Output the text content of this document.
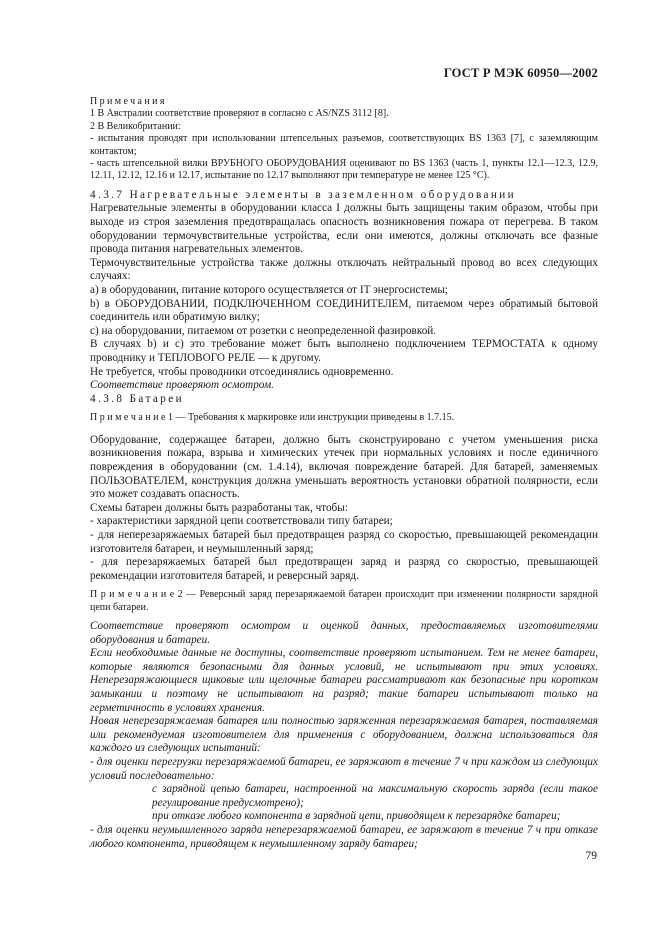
ГОСТ Р МЭК 60950—2002

Примечания

1 В Австралии соответствие проверяют в согласно с AS/NZS 3112 [8].

2 В Великобритании:

- испытания проводят при использовании штепсельных разъемов, соответствующих BS 1363 [7], с заземляющим контактом;

- часть штепсельной вилки ВРУБНОГО ОБОРУДОВАНИЯ оценивают по BS 1363 (часть 1, пункты 12.1—12.3, 12.9, 12.11, 12.12, 12.16 и 12.17, испытание по 12.17 выполняют при температуре не менее 125 °С).

4.3.7 Нагревательные элементы в заземленном оборудовании

Нагревательные элементы в оборудовании класса I должны быть защищены таким образом, чтобы при выходе из строя заземления предотвращалась опасность возникновения пожара от перегрева. В таком оборудовании термочувствительные устройства, если они имеются, должны отключать все фазные провода питания нагревательных элементов.

Термочувствительные устройства также должны отключать нейтральный провод во всех следующих случаях:

а) в оборудовании, питание которого осуществляется от IT энергосистемы;

b) в ОБОРУДОВАНИИ, ПОДКЛЮЧЕННОМ СОЕДИНИТЕЛЕМ, питаемом через обратимый бытовой соединитель или обратимую вилку;

с) на оборудовании, питаемом от розетки с неопределенной фазировкой.

В случаях b) и с) это требование может быть выполнено подключением ТЕРМОСТАТА к одному проводнику и ТЕПЛОВОГО РЕЛЕ — к другому.

Не требуется, чтобы проводники отсоединялись одновременно.

Соответствие проверяют осмотром.

4.3.8 Батареи

П р и м е ч а н и е 1 — Требования к маркировке или инструкции приведены в 1.7.15.

Оборудование, содержащее батареи, должно быть сконструировано с учетом уменьшения риска возникновения пожара, взрыва и химических утечек при нормальных условиях и после единичного повреждения в оборудовании (см. 1.4.14), включая повреждение батарей. Для батарей, заменяемых ПОЛЬЗОВАТЕЛЕМ, конструкция должна уменьшать вероятность установки обратной полярности, если это может создавать опасность.

Схемы батареи должны быть разработаны так, чтобы:

- характеристики зарядной цепи соответствовали типу батареи;

- для неперезаряжаемых батарей был предотвращен разряд со скоростью, превышающей рекомендации изготовителя батареи, и неумышленный заряд;

- для перезаряжаемых батарей был предотвращен заряд и разряд со скоростью, превышающей рекомендации изготовителя батарей, и реверсный заряд.

П р и м е ч а н и е 2 — Реверсный заряд перезаряжаемой батареи происходит при изменении полярности зарядной цепи батареи.

Соответствие проверяют осмотром и оценкой данных, предоставляемых изготовителями оборудования и батареи.

Если необходимые данные не доступны, соответствие проверяют испытанием. Тем не менее батареи, которые являются безопасными для данных условий, не испытывают при этих условиях. Неперезаряжающиеся щиковые или щелочные батареи рассматривают как безопасные при коротком замыкании и поэтому не испытывают на разряд; такие батареи испытывают только на герметичность в условиях хранения.

Новая неперезаряжаемая батарея или полностью заряженная перезаряжаемая батарея, поставляемая или рекомендуемая изготовителем для применения с оборудованием, должна использоваться для каждого из следующих испытаний:

- для оценки перегрузки перезаряжаемой батареи, ее заряжают в течение 7 ч при каждом из следующих условий последовательно:

с зарядной цепью батареи, настроенной на максимальную скорость заряда (если такое регулирование предусмотрено);

при отказе любого компонента в зарядной цепи, приводящем к перезарядке батареи;

- для оценки неумышленного заряда неперезаряжаемой батареи, ее заряжают в течение 7 ч при отказе любого компонента, приводящем к неумышленному заряду батареи;

79
